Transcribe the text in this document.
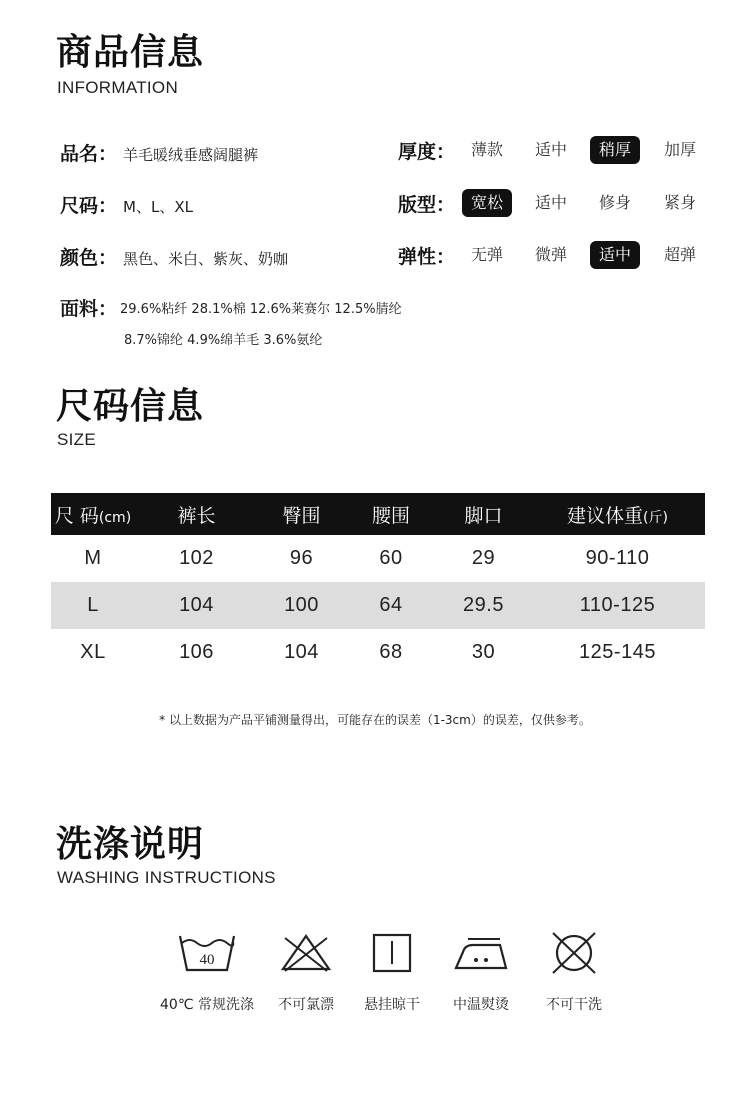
商品信息
INFORMATION
品名： 羊毛暖绒垂感阔腿裤
尺码： M、L、XL
颜色： 黑色、米白、紫灰、奶咖
面料： 29.6%粘纤 28.1%棉 12.6%莱赛尔 12.5%腈纶
8.7%锦纶 4.9%绵羊毛 3.6%氨纶
厚度： 薄款	适中	稍厚	加厚
版型： 宽松	适中	修身	紧身
弹性： 无弹	微弹	适中	超弹
尺码信息
SIZE
尺 码(cm)	裤长	臀围	腰围	脚口	建议体重(斤)
M	102	96	60	29	90-110
L	104	100	64	29.5	110-125
XL	106	104	68	30	125-145
* 以上数据为产品平铺测量得出，可能存在的误差（1-3cm）的误差，仅供参考。
洗涤说明
WASHING INSTRUCTIONS
40
40℃ 常规洗涤	不可氯漂	悬挂晾干	中温熨烫	不可干洗
